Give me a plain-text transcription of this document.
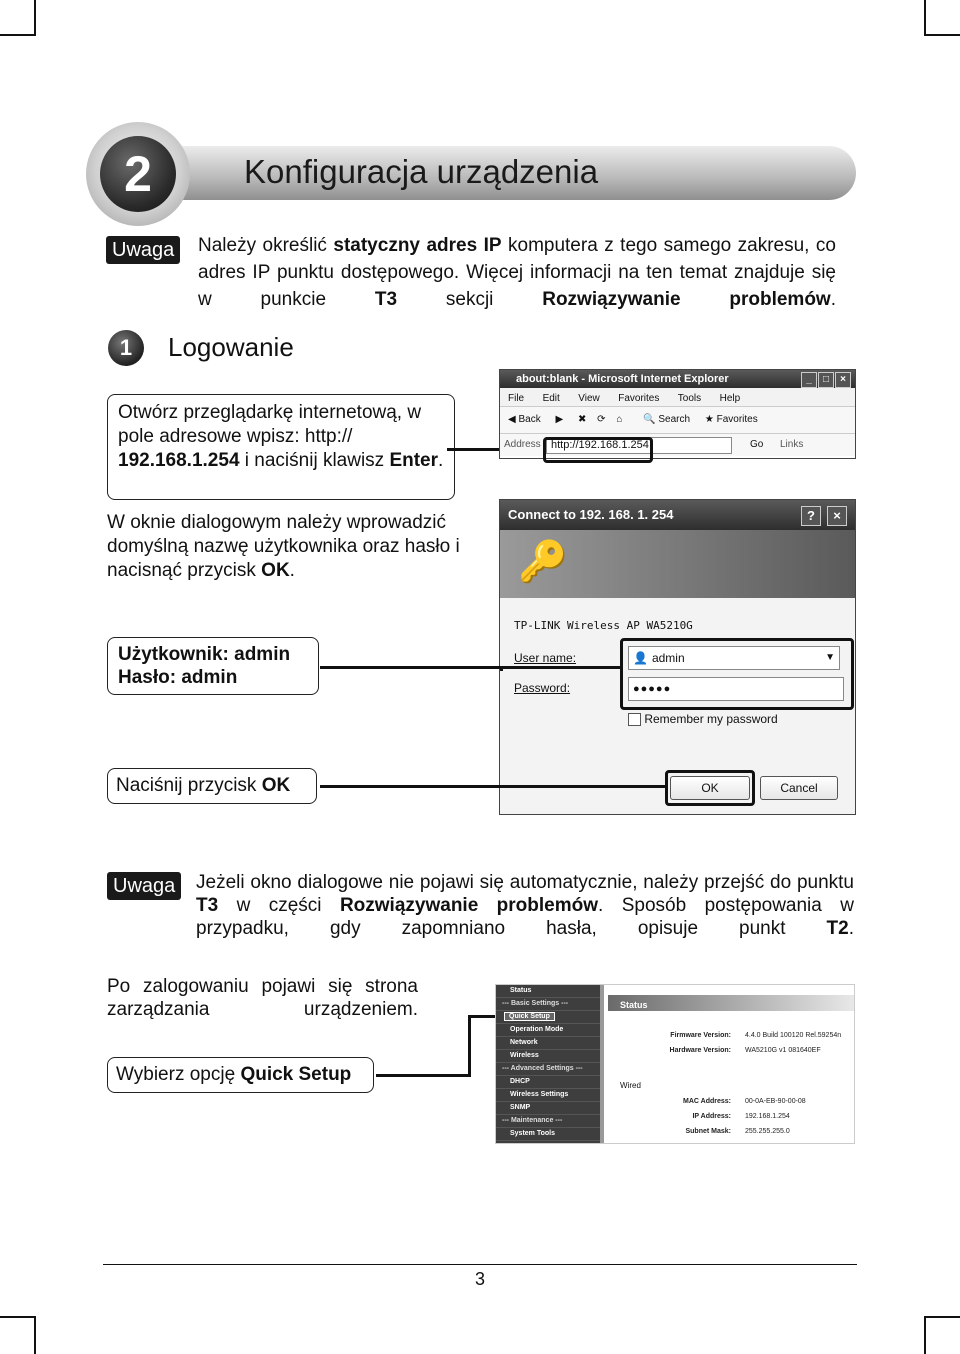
2	Konfiguracja urządzenia
Uwaga	Należy określić statyczny adres IP komputera z tego samego zakresu, co adres IP punktu dostępowego. Więcej informacji na ten temat znajduje się w punkcie T3 sekcji Rozwiązywanie problemów.
1	Logowanie
Otwórz przeglądarkę internetową, w pole adresowe wpisz: http:// 192.168.1.254 i naciśnij klawisz Enter.
about:blank - Microsoft Internet Explorer	_	□	×
File Edit View Favorites Tools Help
◀ Back ▶ ✖ ⟳ ⌂ 🔍 Search ★ Favorites
Address http://192.168.1.254	Go Links
W oknie dialogowym należy wprowadzić domyślną nazwę użytkownika oraz hasło i nacisnąć przycisk OK.
Connect to 192. 168. 1. 254	?	×
🔑
TP-LINK Wireless AP WA5210G
User name:	👤 admin	▼
Password:	●●●●●
Remember my password
OK	Cancel
Użytkownik: admin
Hasło: admin
Naciśnij przycisk OK
Uwaga	Jeżeli okno dialogowe nie pojawi się automatycznie, należy przejść do punktu T3 w części Rozwiązywanie problemów. Sposób postępowania w przypadku, gdy zapomniano hasła, opisuje punkt T2.
Po zalogowaniu pojawi się strona zarządzania urządzeniem.
Wybierz opcję Quick Setup
Status
--- Basic Settings ---
Quick Setup
Operation Mode
Network
Wireless
--- Advanced Settings ---
DHCP
Wireless Settings
SNMP
--- Maintenance ---
System Tools
Status
Firmware Version: 4.4.0 Build 100120 Rel.59254n
Hardware Version: WA5210G v1 081640EF
Wired
MAC Address: 00-0A-EB-90-00-08
IP Address: 192.168.1.254
Subnet Mask: 255.255.255.0
3
